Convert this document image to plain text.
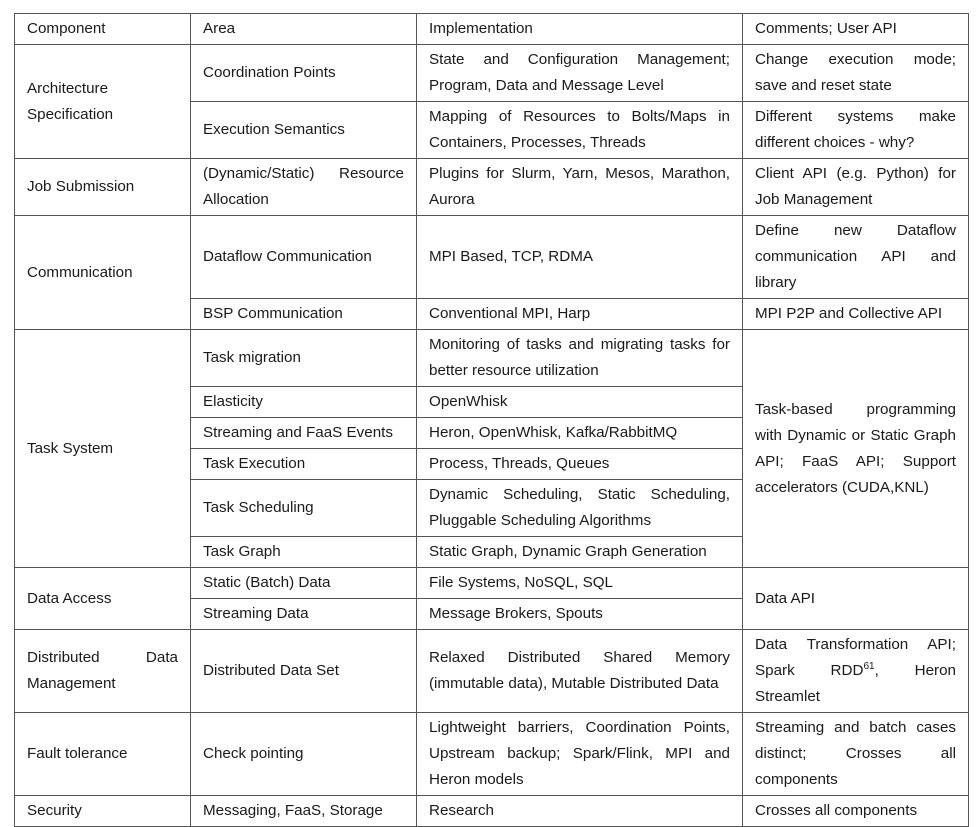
Component	Area	Implementation	Comments; User API
Architecture Specification	Coordination Points	State and Configuration Management; Program, Data and Message Level	Change execution mode; save and reset state
	Execution Semantics	Mapping of Resources to Bolts/Maps in Containers, Processes, Threads	Different systems make different choices - why?
Job Submission	(Dynamic/Static) Resource Allocation	Plugins for Slurm, Yarn, Mesos, Marathon, Aurora	Client API (e.g. Python) for Job Management
Communication	Dataflow Communication	MPI Based, TCP, RDMA	Define new Dataflow communication API and library
	BSP Communication	Conventional MPI, Harp	MPI P2P and Collective API
Task System	Task migration	Monitoring of tasks and migrating tasks for better resource utilization	Task-based programming with Dynamic or Static Graph API; FaaS API; Support accelerators (CUDA,KNL)
	Elasticity	OpenWhisk	
	Streaming and FaaS Events	Heron, OpenWhisk, Kafka/RabbitMQ	
	Task Execution	Process, Threads, Queues	
	Task Scheduling	Dynamic Scheduling, Static Scheduling, Pluggable Scheduling Algorithms	
	Task Graph	Static Graph, Dynamic Graph Generation	
Data Access	Static (Batch) Data	File Systems, NoSQL, SQL	Data API
	Streaming Data	Message Brokers, Spouts	
Distributed Data Management	Distributed Data Set	Relaxed Distributed Shared Memory (immutable data), Mutable Distributed Data	Data Transformation API; Spark RDD$^{61}$, Heron Streamlet
Fault tolerance	Check pointing	Lightweight barriers, Coordination Points, Upstream backup; Spark/Flink, MPI and Heron models	Streaming and batch cases distinct; Crosses all components
Security	Messaging, FaaS, Storage	Research	Crosses all components
